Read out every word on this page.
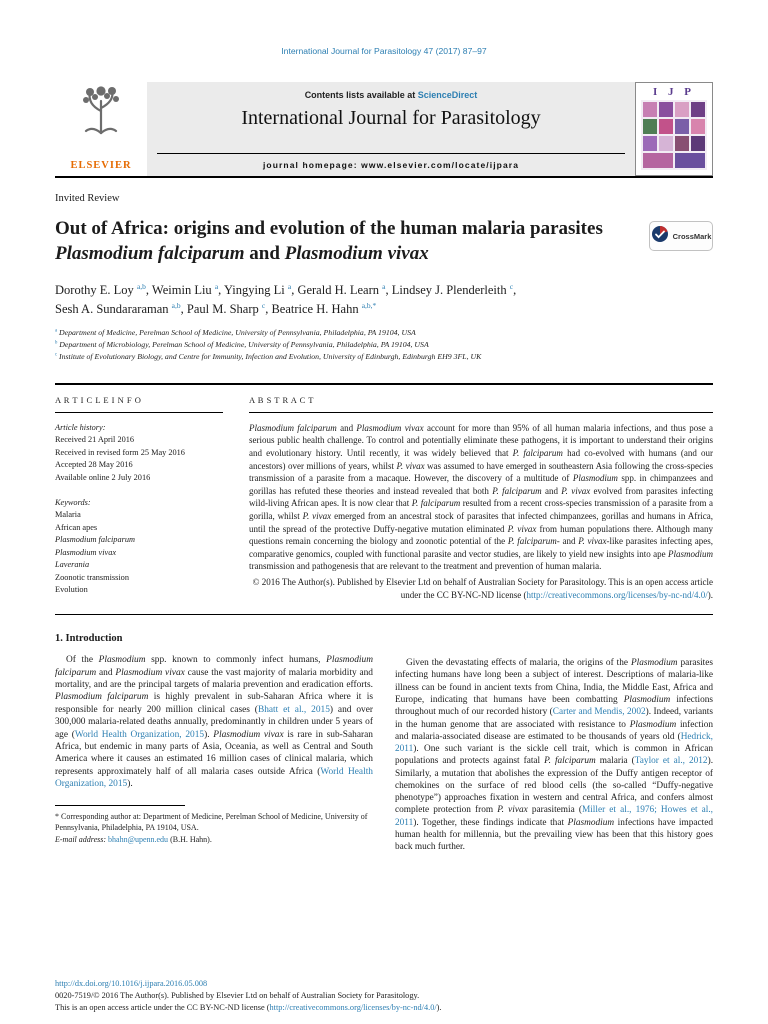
International Journal for Parasitology 47 (2017) 87–97
ELSEVIER
Contents lists available at ScienceDirect
International Journal for Parasitology
journal homepage: www.elsevier.com/locate/ijpara
I J P
Invited Review
Out of Africa: origins and evolution of the human malaria parasites Plasmodium falciparum and Plasmodium vivax
CrossMark
Dorothy E. Loy $^{a,b}$, Weimin Liu $^a$, Yingying Li $^a$, Gerald H. Learn $^a$, Lindsey J. Plenderleith $^c$,
Sesh A. Sundararaman $^{a,b}$, Paul M. Sharp $^c$, Beatrice H. Hahn $^{a,b,*}$
$^a$ Department of Medicine, Perelman School of Medicine, University of Pennsylvania, Philadelphia, PA 19104, USA
$^b$ Department of Microbiology, Perelman School of Medicine, University of Pennsylvania, Philadelphia, PA 19104, USA
$^c$ Institute of Evolutionary Biology, and Centre for Immunity, Infection and Evolution, University of Edinburgh, Edinburgh EH9 3FL, UK
A R T I C L E I N F O
Article history:
Received 21 April 2016
Received in revised form 25 May 2016
Accepted 28 May 2016
Available online 2 July 2016
Keywords:
Malaria
African apes
Plasmodium falciparum
Plasmodium vivax
Laverania
Zoonotic transmission
Evolution
A B S T R A C T
Plasmodium falciparum and Plasmodium vivax account for more than 95% of all human malaria infections, and thus pose a serious public health challenge. To control and potentially eliminate these pathogens, it is important to understand their origins and evolutionary history. Until recently, it was widely believed that P. falciparum had co-evolved with humans (and our ancestors) over millions of years, whilst P. vivax was assumed to have emerged in southeastern Asia following the cross-species transmission of a parasite from a macaque. However, the discovery of a multitude of Plasmodium spp. in chimpanzees and gorillas has refuted these theories and instead revealed that both P. falciparum and P. vivax evolved from parasites infecting wild-living African apes. It is now clear that P. falciparum resulted from a recent cross-species transmission of a parasite from a gorilla, whilst P. vivax emerged from an ancestral stock of parasites that infected chimpanzees, gorillas and humans in Africa, until the spread of the protective Duffy-negative mutation eliminated P. vivax from human populations there. Although many questions remain concerning the biology and zoonotic potential of the P. falciparum- and P. vivax-like parasites infecting apes, comparative genomics, coupled with functional parasite and vector studies, are likely to yield new insights into ape Plasmodium transmission and pathogenesis that are relevant to the treatment and prevention of human malaria.
© 2016 The Author(s). Published by Elsevier Ltd on behalf of Australian Society for Parasitology. This is an open access article under the CC BY-NC-ND license (http://creativecommons.org/licenses/by-nc-nd/4.0/).
1. Introduction

Of the Plasmodium spp. known to commonly infect humans, Plasmodium falciparum and Plasmodium vivax cause the vast majority of malaria morbidity and mortality, and are the principal targets of malaria prevention and eradication efforts. Plasmodium falciparum is highly prevalent in sub-Saharan Africa where it is responsible for nearly 200 million clinical cases (Bhatt et al., 2015) and over 300,000 malaria-related deaths annually, predominantly in children under 5 years of age (World Health Organization, 2015). Plasmodium vivax is rare in sub-Saharan Africa, but endemic in many parts of Asia, Oceania, as well as Central and South America where it causes an estimated 16 million cases of clinical malaria, which represents approximately half of all malaria cases outside Africa (World Health Organization, 2015).

* Corresponding author at: Department of Medicine, Perelman School of Medicine, University of Pennsylvania, Philadelphia, PA 19104, USA.
E-mail address: bhahn@upenn.edu (B.H. Hahn).

Given the devastating effects of malaria, the origins of the Plasmodium parasites infecting humans have long been a subject of interest. Descriptions of malaria-like illness can be found in ancient texts from China, India, the Middle East, Africa and Europe, indicating that humans have been combatting Plasmodium infections throughout much of our recorded history (Carter and Mendis, 2002). Indeed, variants in the human genome that are associated with resistance to Plasmodium infection and malaria-associated disease are estimated to be thousands of years old (Hedrick, 2011). One such variant is the sickle cell trait, which is common in African populations and protects against fatal P. falciparum malaria (Taylor et al., 2012). Similarly, a mutation that abolishes the expression of the Duffy antigen receptor of chemokines on the surface of red blood cells (the so-called “Duffy-negative phenotype”) approaches fixation in western and central Africa, and confers almost complete protection from P. vivax parasitemia (Miller et al., 1976; Howes et al., 2011). Together, these findings indicate that Plasmodium infections have impacted human health for millennia, but the prevailing view has been that this history goes back much further.

http://dx.doi.org/10.1016/j.ijpara.2016.05.008
0020-7519/© 2016 The Author(s). Published by Elsevier Ltd on behalf of Australian Society for Parasitology.
This is an open access article under the CC BY-NC-ND license (http://creativecommons.org/licenses/by-nc-nd/4.0/).
